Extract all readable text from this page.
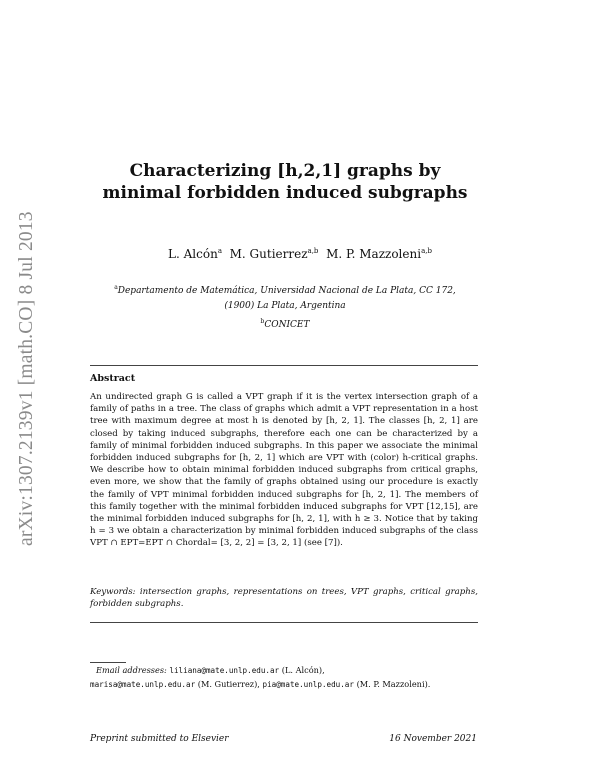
arXiv:1307.2139v1 [math.CO] 8 Jul 2013
Characterizing [h,2,1] graphs by minimal forbidden induced subgraphs
L. Alcón$^a$ M. Gutierrez$^{a,b}$ M. P. Mazzoleni$^{a,b}$
$^a$Departamento de Matemática, Universidad Nacional de La Plata, CC 172,
(1900) La Plata, Argentina
$^b$CONICET
Abstract
An undirected graph G is called a VPT graph if it is the vertex intersection graph of a family of paths in a tree. The class of graphs which admit a VPT representation in a host tree with maximum degree at most h is denoted by [h, 2, 1]. The classes [h, 2, 1] are closed by taking induced subgraphs, therefore each one can be characterized by a family of minimal forbidden induced subgraphs. In this paper we associate the minimal forbidden induced subgraphs for [h, 2, 1] which are VPT with (color) h-critical graphs. We describe how to obtain minimal forbidden induced subgraphs from critical graphs, even more, we show that the family of graphs obtained using our procedure is exactly the family of VPT minimal forbidden induced subgraphs for [h, 2, 1]. The members of this family together with the minimal forbidden induced subgraphs for VPT [12,15], are the minimal forbidden induced subgraphs for [h, 2, 1], with h ≥ 3. Notice that by taking h = 3 we obtain a characterization by minimal forbidden induced subgraphs of the class VPT ∩ EPT=EPT ∩ Chordal= [3, 2, 2] = [3, 2, 1] (see [7]).
Keywords: intersection graphs, representations on trees, VPT graphs, critical graphs, forbidden subgraphs.
Email addresses: liliana@mate.unlp.edu.ar (L. Alcón),
marisa@mate.unlp.edu.ar (M. Gutierrez), pia@mate.unlp.edu.ar (M. P. Mazzoleni).
Preprint submitted to Elsevier	16 November 2021
